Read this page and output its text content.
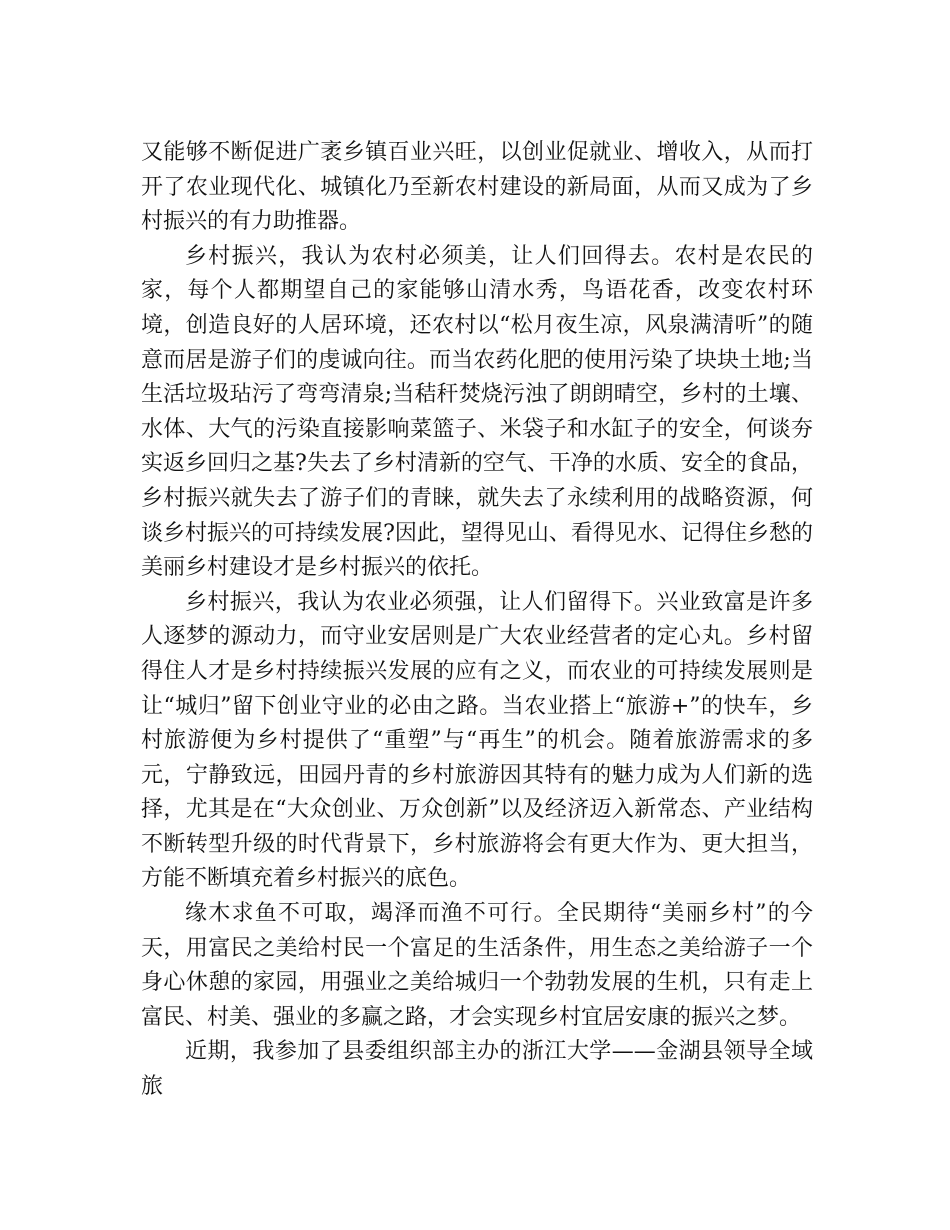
又能够不断促进广袤乡镇百业兴旺，以创业促就业、增收入，从而打开了农业现代化、城镇化乃至新农村建设的新局面，从而又成为了乡村振兴的有力助推器。

乡村振兴，我认为农村必须美，让人们回得去。农村是农民的家，每个人都期望自己的家能够山清水秀，鸟语花香，改变农村环境，创造良好的人居环境，还农村以“松月夜生凉，风泉满清听”的随意而居是游子们的虔诚向往。而当农药化肥的使用污染了块块土地;当生活垃圾玷污了弯弯清泉;当秸秆焚烧污浊了朗朗晴空，乡村的土壤、水体、大气的污染直接影响菜篮子、米袋子和水缸子的安全，何谈夯实返乡回归之基?失去了乡村清新的空气、干净的水质、安全的食品，乡村振兴就失去了游子们的青睐，就失去了永续利用的战略资源，何谈乡村振兴的可持续发展?因此，望得见山、看得见水、记得住乡愁的美丽乡村建设才是乡村振兴的依托。

乡村振兴，我认为农业必须强，让人们留得下。兴业致富是许多人逐梦的源动力，而守业安居则是广大农业经营者的定心丸。乡村留得住人才是乡村持续振兴发展的应有之义，而农业的可持续发展则是让“城归”留下创业守业的必由之路。当农业搭上“旅游+”的快车，乡村旅游便为乡村提供了“重塑”与“再生”的机会。随着旅游需求的多元，宁静致远，田园丹青的乡村旅游因其特有的魅力成为人们新的选择，尤其是在“大众创业、万众创新”以及经济迈入新常态、产业结构不断转型升级的时代背景下，乡村旅游将会有更大作为、更大担当，方能不断填充着乡村振兴的底色。

缘木求鱼不可取，竭泽而渔不可行。全民期待“美丽乡村”的今天，用富民之美给村民一个富足的生活条件，用生态之美给游子一个身心休憩的家园，用强业之美给城归一个勃勃发展的生机，只有走上富民、村美、强业的多赢之路，才会实现乡村宜居安康的振兴之梦。

近期，我参加了县委组织部主办的浙江大学——金湖县领导全域旅
